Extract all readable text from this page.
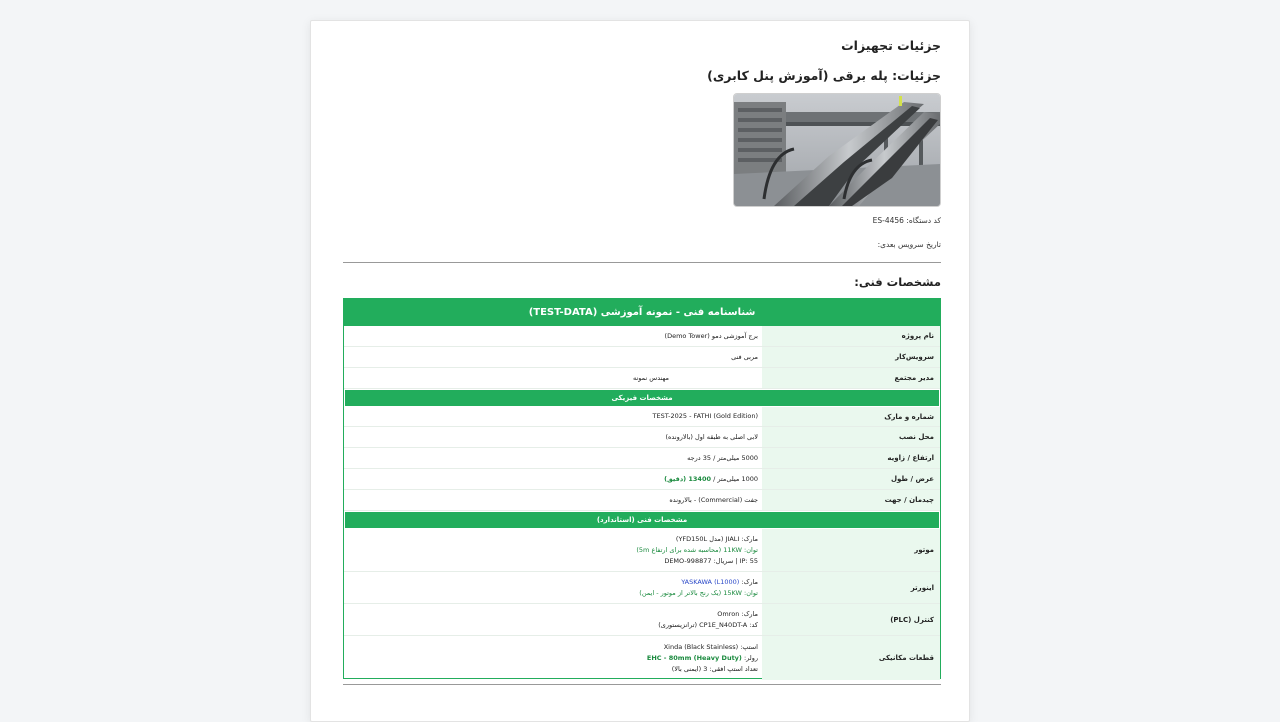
جزئیات تجهیزات
جزئیات: پله برقی (آموزش پنل کابری)
کد دستگاه: ES-4456
تاریخ سرویس بعدی:
مشخصات فنی:
شناسنامه فنی - نمونه آموزشی (TEST-DATA)
نام پروژه
برج آموزشی دمو (Demo Tower)
سرویس‌کار
مربی فنی
مدیر مجتمع
مهندس نمونه
مشخصات فیزیکی
شماره و مارک
TEST-2025 - FATHI (Gold Edition)
محل نصب
لابی اصلی به طبقه اول (بالارونده)
ارتفاع / زاویه
5000 میلی‌متر / 35 درجه
عرض / طول
1000 میلی‌متر / 13400 (دقیق)
چیدمان / جهت
جفت (Commercial) - بالارونده
مشخصات فنی (استاندارد)
موتور
مارک: JIALI (مدل YFD150L)
توان: 11KW (محاسبه شده برای ارتفاع 5m)
IP: 55 | سریال: DEMO-998877
اینورتر
مارک: YASKAWA (L1000)
توان: 15KW (یک رنج بالاتر از موتور - ایمن)
کنترل (PLC)
مارک: Omron
کد: CP1E_N40DT-A (ترانزیستوری)
قطعات مکانیکی
استپ: Xinda (Black Stainless)
رولر: EHC - 80mm (Heavy Duty)
تعداد استپ افقی: 3 (ایمنی بالا)
